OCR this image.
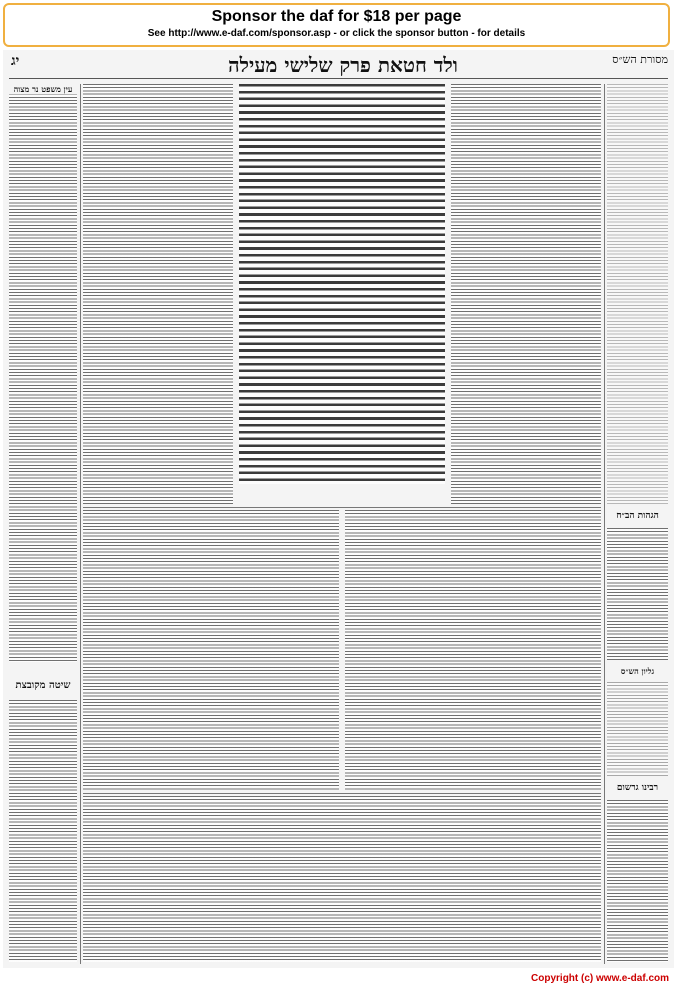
Sponsor the daf for $18 per page
See http://www.e-daf.com/sponsor.asp - or click the sponsor button - for details
יג	ולד חטאת פרק שלישי מעילה	מסורת הש״ס
עין משפט נר מצוה
שיטה מקובצת
הגהות הב״ח
גליון הש״ס
רבינו גרשום
Copyright (c) www.e-daf.com
